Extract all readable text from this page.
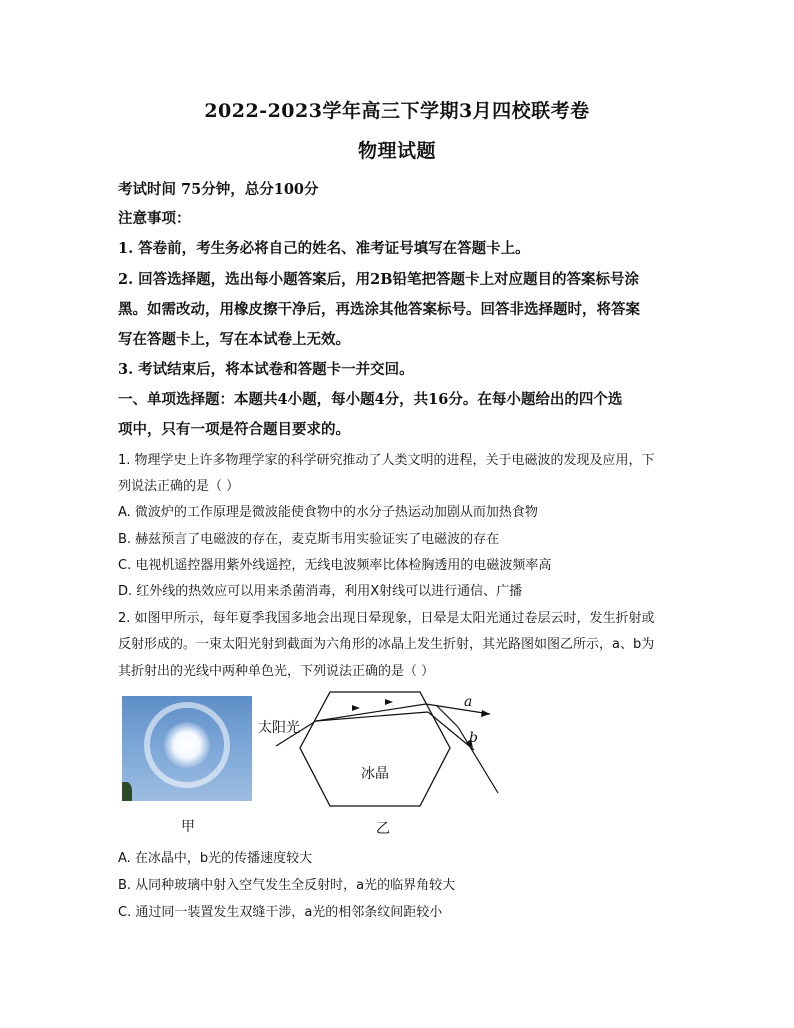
2022-2023学年高三下学期3月四校联考卷
物理试题
考试时间 75分钟，总分100分
注意事项：
1. 答卷前，考生务必将自己的姓名、准考证号填写在答题卡上。
2. 回答选择题，选出每小题答案后，用2B铅笔把答题卡上对应题目的答案标号涂
黑。如需改动，用橡皮擦干净后，再选涂其他答案标号。回答非选择题时，将答案
写在答题卡上，写在本试卷上无效。
3. 考试结束后，将本试卷和答题卡一并交回。
一、单项选择题：本题共4小题，每小题4分，共16分。在每小题给出的四个选
项中，只有一项是符合题目要求的。
1. 物理学史上许多物理学家的科学研究推动了人类文明的进程，关于电磁波的发现及应用，下
列说法正确的是（ ）
A. 微波炉的工作原理是微波能使食物中的水分子热运动加剧从而加热食物
B. 赫兹预言了电磁波的存在，麦克斯韦用实验证实了电磁波的存在
C. 电视机遥控器用紫外线遥控，无线电波频率比体检胸透用的电磁波频率高
D. 红外线的热效应可以用来杀菌消毒，利用X射线可以进行通信、广播
2. 如图甲所示，每年夏季我国多地会出现日晕现象，日晕是太阳光通过卷层云时，发生折射或
反射形成的。一束太阳光射到截面为六角形的冰晶上发生折射，其光路图如图乙所示，a、b为
其折射出的光线中两种单色光，下列说法正确的是（ ）
甲
太阳光
冰晶
a
b
乙
A. 在冰晶中，b光的传播速度较大
B. 从同种玻璃中射入空气发生全反射时，a光的临界角较大
C. 通过同一装置发生双缝干涉，a光的相邻条纹间距较小
